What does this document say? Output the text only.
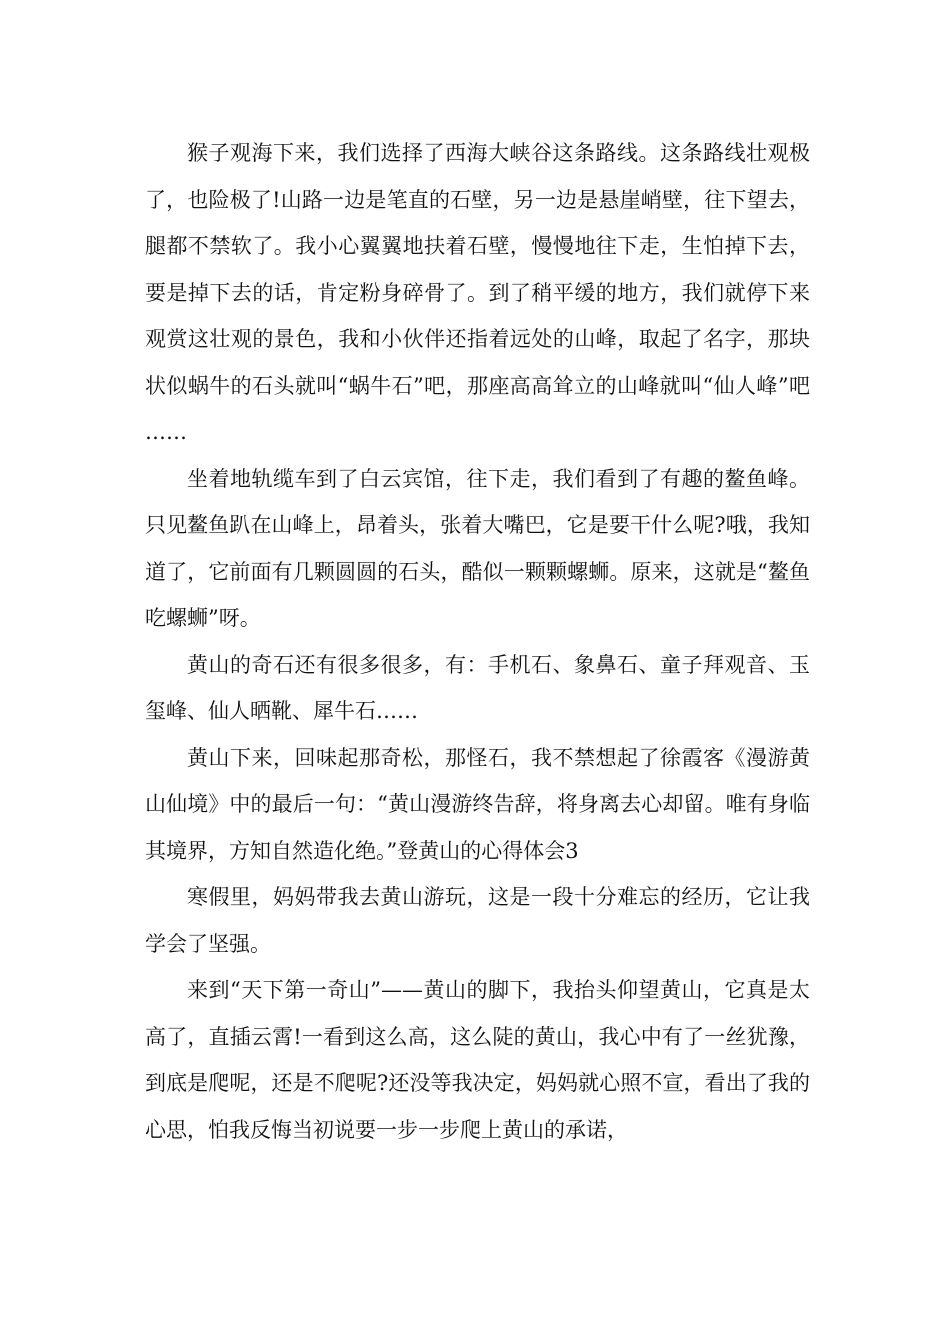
猴子观海下来，我们选择了西海大峡谷这条路线。这条路线壮观极了，也险极了!山路一边是笔直的石壁，另一边是悬崖峭壁，往下望去，腿都不禁软了。我小心翼翼地扶着石壁，慢慢地往下走，生怕掉下去，要是掉下去的话，肯定粉身碎骨了。到了稍平缓的地方，我们就停下来观赏这壮观的景色，我和小伙伴还指着远处的山峰，取起了名字，那块状似蜗牛的石头就叫“蜗牛石”吧，那座高高耸立的山峰就叫“仙人峰”吧……

坐着地轨缆车到了白云宾馆，往下走，我们看到了有趣的鳌鱼峰。只见鳌鱼趴在山峰上，昂着头，张着大嘴巴，它是要干什么呢?哦，我知道了，它前面有几颗圆圆的石头，酷似一颗颗螺蛳。原来，这就是“鳌鱼吃螺蛳”呀。

黄山的奇石还有很多很多，有：手机石、象鼻石、童子拜观音、玉玺峰、仙人晒靴、犀牛石……

黄山下来，回味起那奇松，那怪石，我不禁想起了徐霞客《漫游黄山仙境》中的最后一句：“黄山漫游终告辞，将身离去心却留。唯有身临其境界，方知自然造化绝。”登黄山的心得体会3

寒假里，妈妈带我去黄山游玩，这是一段十分难忘的经历，它让我学会了坚强。

来到“天下第一奇山”——黄山的脚下，我抬头仰望黄山，它真是太高了，直插云霄!一看到这么高，这么陡的黄山，我心中有了一丝犹豫，到底是爬呢，还是不爬呢?还没等我决定，妈妈就心照不宣，看出了我的心思，怕我反悔当初说要一步一步爬上黄山的承诺，
